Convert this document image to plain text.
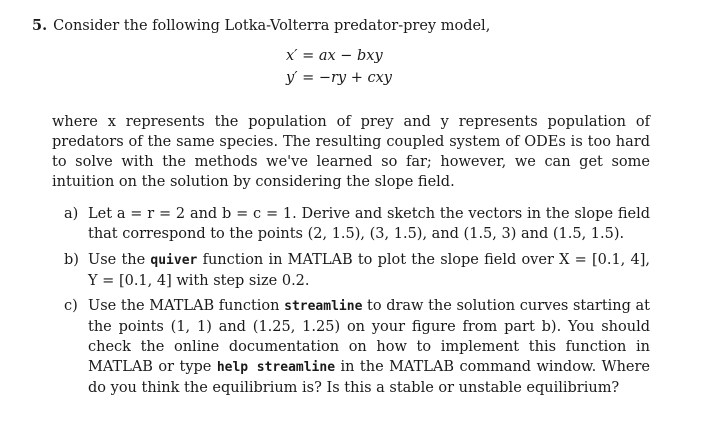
5. Consider the following Lotka-Volterra predator-prey model,
x′ = ax − bxy
y′ = −ry + cxy
where x represents the population of prey and y represents population of predators of the same species. The resulting coupled system of ODEs is too hard to solve with the methods we've learned so far; however, we can get some intuition on the solution by considering the slope field.
a) Let a = r = 2 and b = c = 1. Derive and sketch the vectors in the slope field that correspond to the points (2, 1.5), (3, 1.5), and (1.5, 3) and (1.5, 1.5).
b) Use the quiver function in MATLAB to plot the slope field over X = [0.1, 4], Y = [0.1, 4] with step size 0.2.
c) Use the MATLAB function streamline to draw the solution curves starting at the points (1, 1) and (1.25, 1.25) on your figure from part b). You should check the online documentation on how to implement this function in MATLAB or type help streamline in the MATLAB command window. Where do you think the equilibrium is? Is this a stable or unstable equilibrium?
